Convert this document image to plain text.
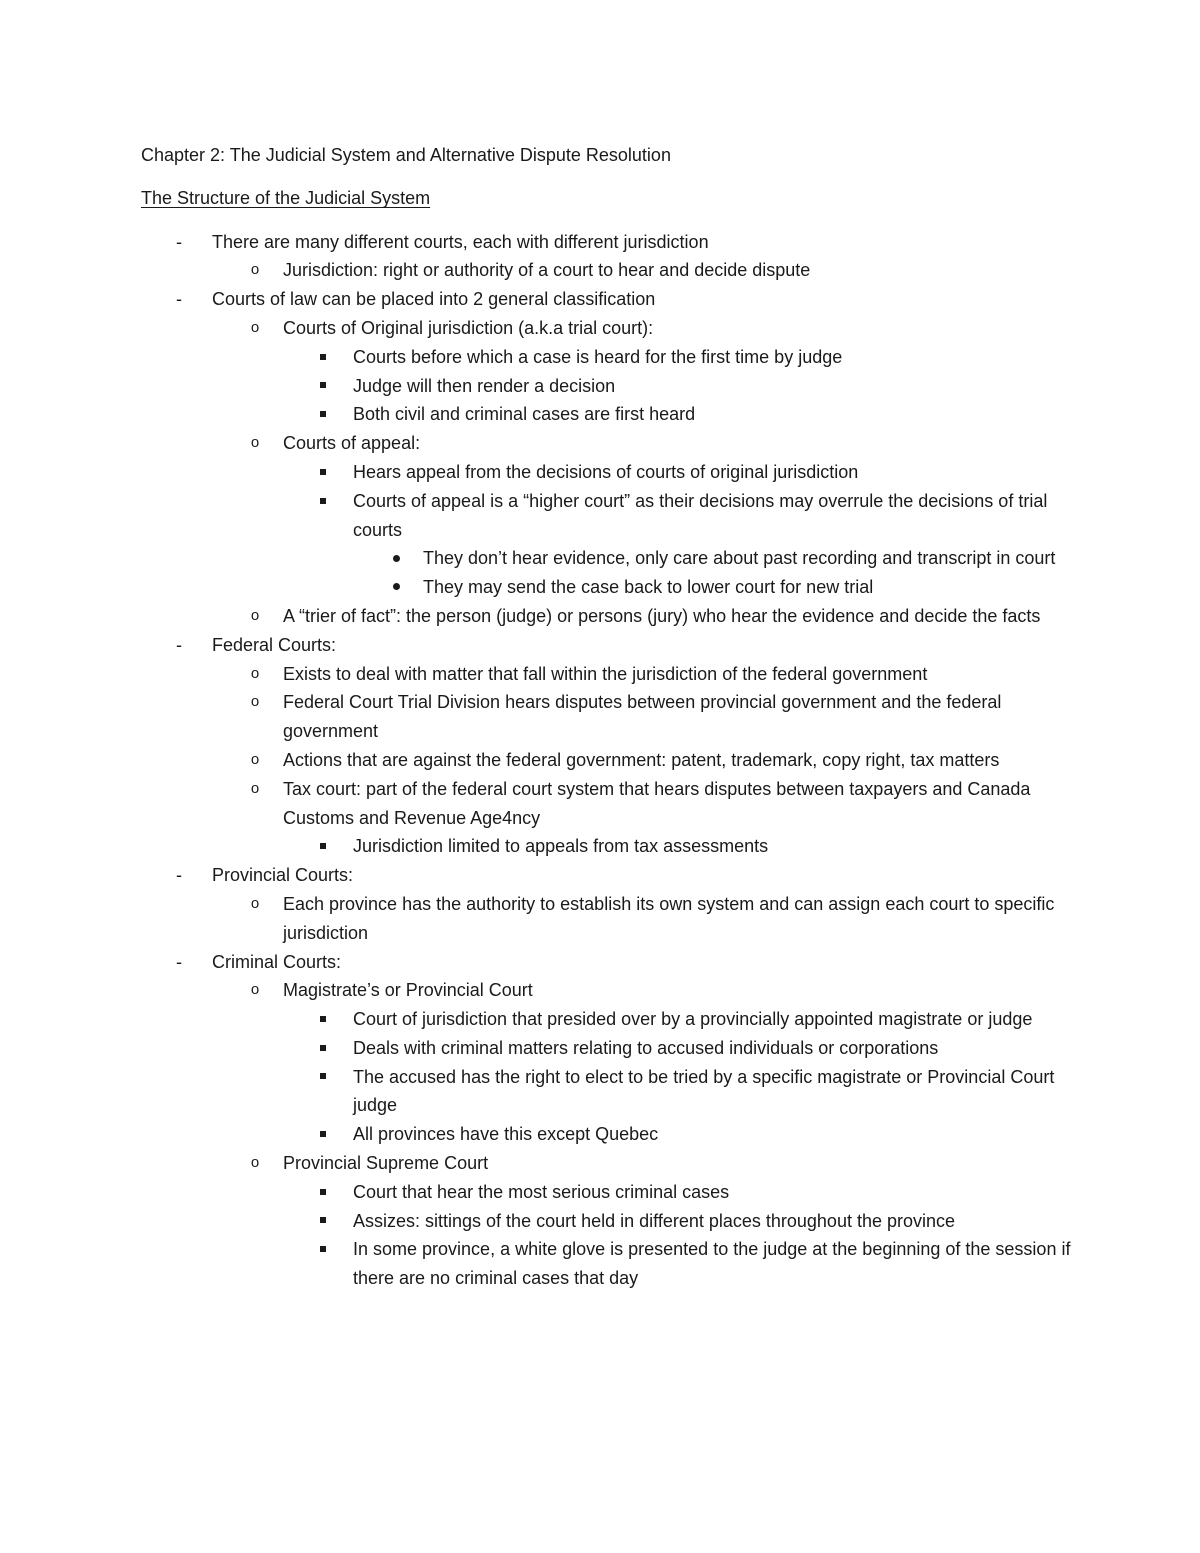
Chapter 2: The Judicial System and Alternative Dispute Resolution
The Structure of the Judicial System
-
There are many different courts, each with different jurisdiction
o	Jurisdiction: right or authority of a court to hear and decide dispute
-
Courts of law can be placed into 2 general classification
o	Courts of Original jurisdiction (a.k.a trial court):
Courts before which a case is heard for the first time by judge
Judge will then render a decision
Both civil and criminal cases are first heard
o	Courts of appeal:
Hears appeal from the decisions of courts of original jurisdiction
Courts of appeal is a “higher court” as their decisions may overrule the decisions of trial courts
They don’t hear evidence, only care about past recording and transcript in court
They may send the case back to lower court for new trial
o	A “trier of fact”: the person (judge) or persons (jury) who hear the evidence and decide the facts
-
Federal Courts:
o	Exists to deal with matter that fall within the jurisdiction of the federal government
o	Federal Court Trial Division hears disputes between provincial government and the federal government
o	Actions that are against the federal government: patent, trademark, copy right, tax matters
o	Tax court: part of the federal court system that hears disputes between taxpayers and Canada Customs and Revenue Age4ncy
Jurisdiction limited to appeals from tax assessments
-
Provincial Courts:
o	Each province has the authority to establish its own system and can assign each court to specific jurisdiction
-
Criminal Courts:
o	Magistrate’s or Provincial Court
Court of jurisdiction that presided over by a provincially appointed magistrate or judge
Deals with criminal matters relating to accused individuals or corporations
The accused has the right to elect to be tried by a specific magistrate or Provincial Court judge
All provinces have this except Quebec
o	Provincial Supreme Court
Court that hear the most serious criminal cases
Assizes: sittings of the court held in different places throughout the province
In some province, a white glove is presented to the judge at the beginning of the session if there are no criminal cases that day
